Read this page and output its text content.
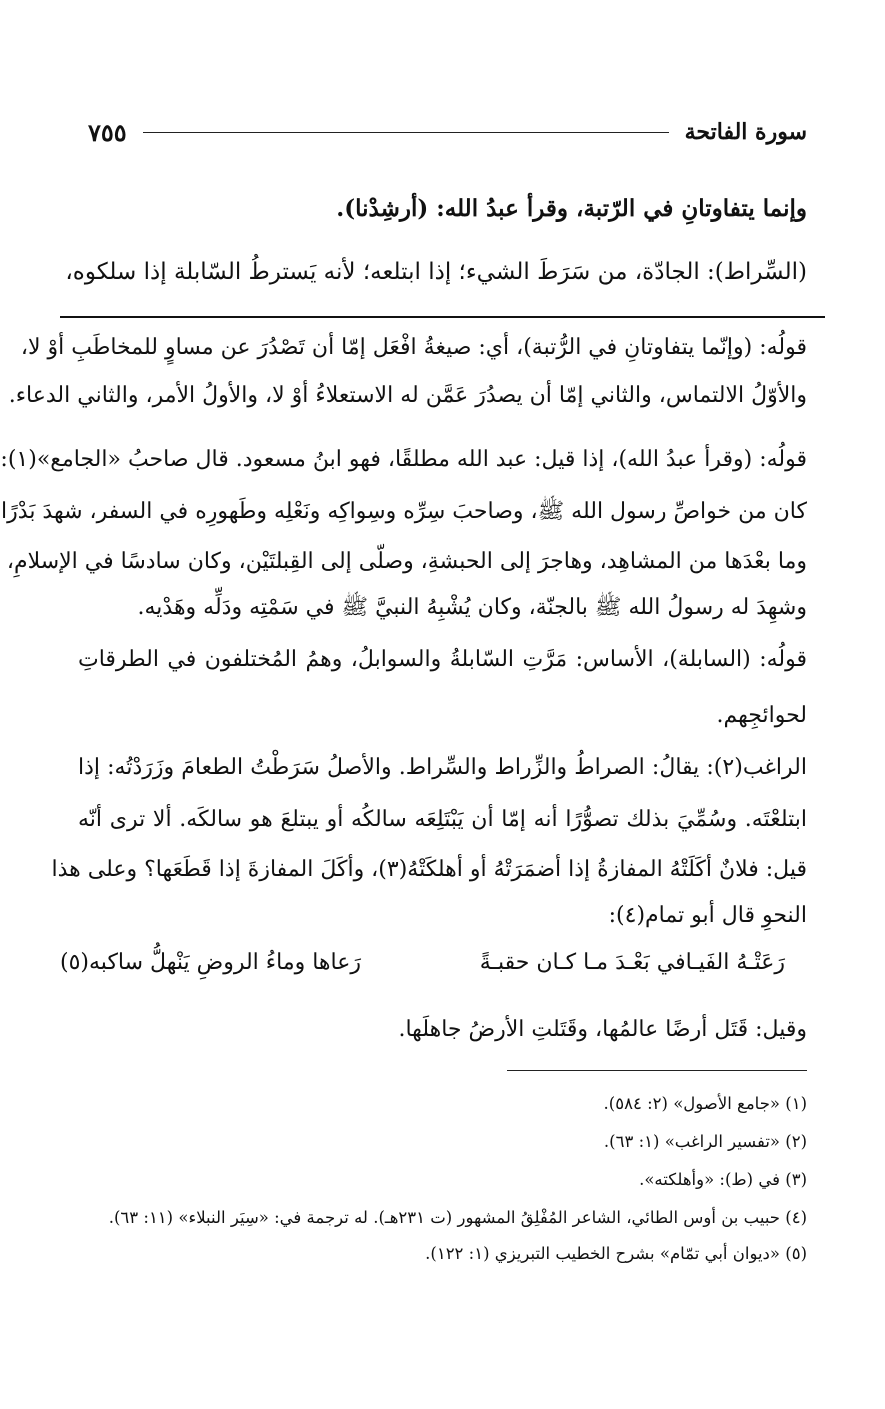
سورة الفاتحة
٧٥٥
وإنما يتفاوتانِ في الرّتبة، وقرأ عبدُ الله: (أرشِدْنا).
(السِّراط): الجادّة، من سَرَطَ الشيء؛ إذا ابتلعه؛ لأنه يَسترطُ السّابلة إذا سلكوه،
قولُه: (وإنّما يتفاوتانِ في الرُّتبة)، أي: صيغةُ افْعَل إمّا أن تَصْدُرَ عن مساوٍ للمخاطَبِ أوْ لا،
والأوّلُ الالتماس، والثاني إمّا أن يصدُرَ عَمَّن له الاستعلاءُ أوْ لا، والأولُ الأمر، والثاني الدعاء.
قولُه: (وقرأ عبدُ الله)، إذا قيل: عبد الله مطلقًا، فهو ابنُ مسعود. قال صاحبُ «الجامع»(١):
كان من خواصِّ رسول الله ﷺ، وصاحبَ سِرِّه وسِواكِه ونَعْلِه وطَهورِه في السفر، شهدَ بَدْرًا
وما بعْدَها من المشاهِد، وهاجرَ إلى الحبشةِ، وصلّى إلى القِبلتَيْن، وكان سادسًا في الإسلامِ،
وشهِدَ له رسولُ الله ﷺ بالجنّة، وكان يُشْبِهُ النبيَّ ﷺ في سَمْتِه ودَلِّه وهَدْيه.
قولُه: (السابلة)، الأساس: مَرَّتِ السّابلةُ والسوابلُ، وهمُ المُختلفون في الطرقاتِ
لحوائجِهم.
الراغب(٢): يقالُ: الصراطُ والزِّراط والسِّراط. والأصلُ سَرَطْتُ الطعامَ وزَرَدْتُه: إذا
ابتلعْتَه. وسُمِّيَ بذلك تصوُّرًا أنه إمّا أن يَبْتَلِعَه سالكُه أو يبتلعَ هو سالكَه. ألا ترى أنّه
قيل: فلانٌ أكَلَتْهُ المفازةُ إذا أضمَرَتْهُ أو أهلكَتْهُ(٣)، وأكَلَ المفازةَ إذا قَطَعَها؟ وعلى هذا
النحوِ قال أبو تمام(٤):
رَعَتْـهُ الفَيـافي بَعْـدَ مـا كـان حقبـةً
رَعاها وماءُ الروضِ يَنْهلُّ ساكبه(٥)
وقيل: قَتَل أرضًا عالمُها، وقَتَلتِ الأرضُ جاهلَها.
(١) «جامع الأصول» (٢: ٥٨٤).
(٢) «تفسير الراغب» (١: ٦٣).
(٣) في (ط): «وأهلكته».
(٤) حبيب بن أوس الطائي، الشاعر المُفْلِقُ المشهور (ت ٢٣١هـ). له ترجمة في: «سِيَر النبلاء» (١١: ٦٣).
(٥) «ديوان أبي تمّام» بشرح الخطيب التبريزي (١: ١٢٢).
